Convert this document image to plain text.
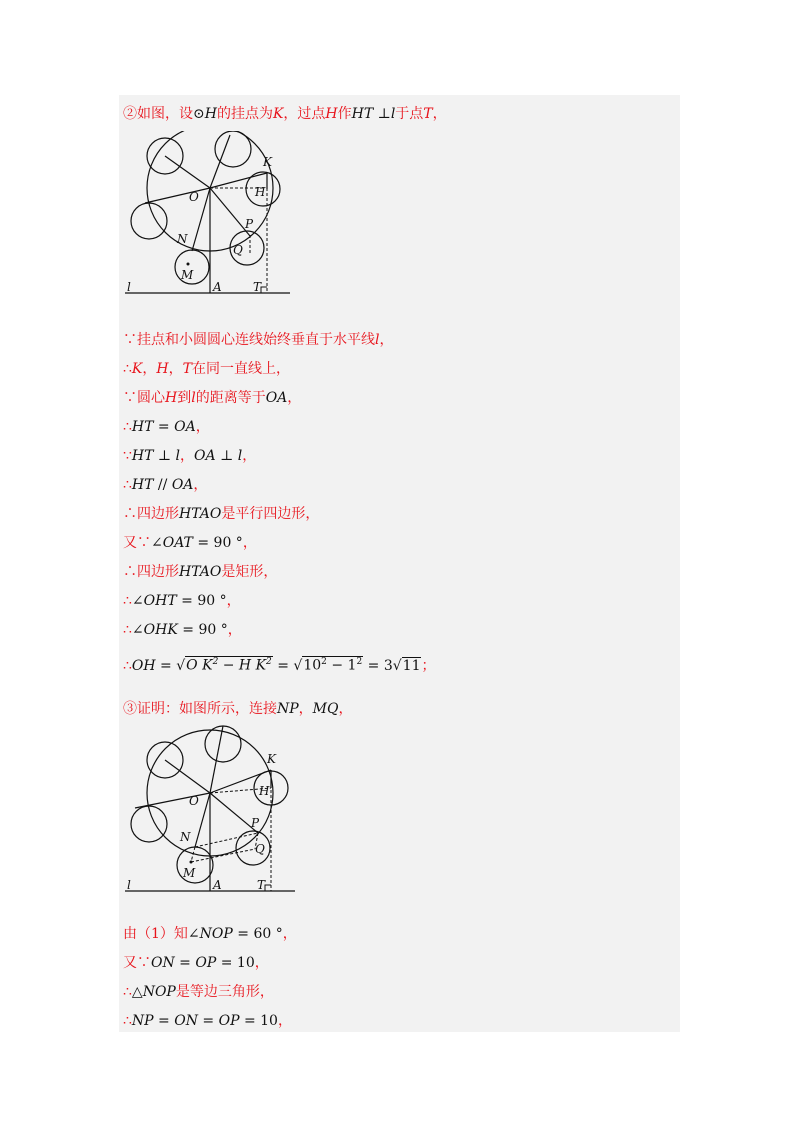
②如图，设⊙H的挂点为K，过点H作HT ⊥l于点T，
K
H
O
P
Q
N
M
l	A	T
∵挂点和小圆圆心连线始终垂直于水平线l，
∴K，H，T在同一直线上，
∵圆心H到l的距离等于OA，
∴HT = OA，
∵HT ⊥ l，OA ⊥ l，
∴HT // OA，
∴四边形HTAO是平行四边形，
又∵∠OAT = 90 °，
∴四边形HTAO是矩形，
∴∠OHT = 90 °，
∴∠OHK = 90 °，
∴OH = √O $K^2 - H$ $K^2 = √10^2 - 1^2 = 3√11$；
③证明：如图所示，连接NP，MQ，
K
H
O
P
Q
N
M
l	A	T
由（1）知∠NOP = 60 °，
又∵ON = OP = 10，
∴△NOP是等边三角形，
∴NP = ON = OP = 10，
